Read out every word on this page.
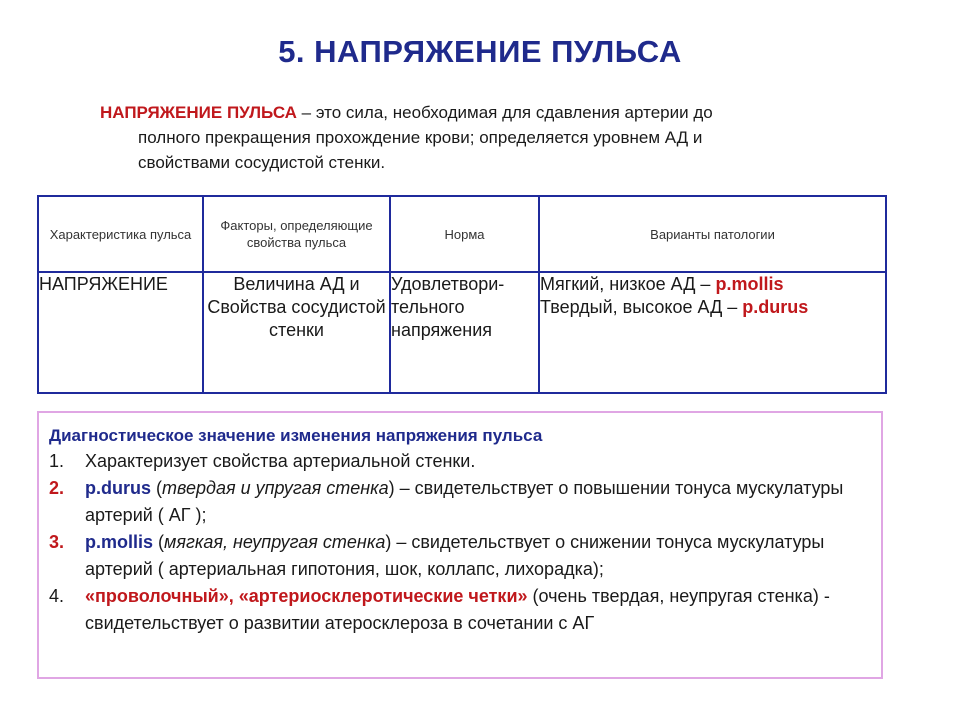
5. НАПРЯЖЕНИЕ ПУЛЬСА
НАПРЯЖЕНИЕ ПУЛЬСА – это сила, необходимая для сдавления артерии до
полного прекращения прохождение крови; определяется уровнем АД и
свойствами сосудистой стенки.
Характеристика пульса	Факторы, определяющие свойства пульса	Норма	Варианты патологии
НАПРЯЖЕНИЕ	Величина АД и Свойства сосудистой стенки	Удовлетвори-тельного напряжения	Мягкий, низкое АД – p.mollis
Твердый, высокое АД – p.durus
Диагностическое значение изменения напряжения пульса
1. Характеризует свойства артериальной стенки.
2. p.durus (твердая и упругая стенка) – свидетельствует о повышении тонуса мускулатуры артерий ( АГ );
3. p.mollis (мягкая, неупругая стенка) – свидетельствует о снижении тонуса мускулатуры артерий ( артериальная гипотония, шок, коллапс, лихорадка);
4. «проволочный», «артериосклеротические четки» (очень твердая, неупругая стенка) - свидетельствует о развитии атеросклероза в сочетании с АГ
